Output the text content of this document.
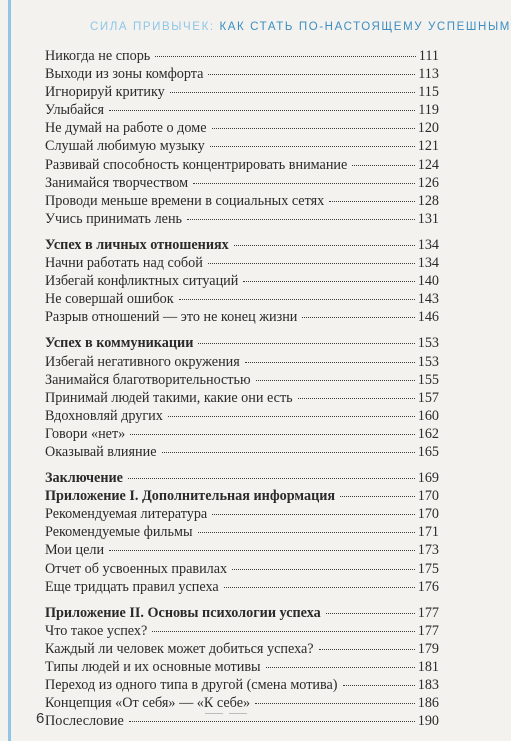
СИЛА ПРИВЫЧЕК: КАК СТАТЬ ПО-НАСТОЯЩЕМУ УСПЕШНЫМ
Никогда не спорь	111
Выходи из зоны комфорта	113
Игнорируй критику	115
Улыбайся	119
Не думай на работе о доме	120
Слушай любимую музыку	121
Развивай способность концентрировать внимание	124
Занимайся творчеством	126
Проводи меньше времени в социальных сетях	128
Учись принимать лень	131
Успех в личных отношениях	134
Начни работать над собой	134
Избегай конфликтных ситуаций	140
Не совершай ошибок	143
Разрыв отношений — это не конец жизни	146
Успех в коммуникации	153
Избегай негативного окружения	153
Занимайся благотворительностью	155
Принимай людей такими, какие они есть	157
Вдохновляй других	160
Говори «нет»	162
Оказывай влияние	165
Заключение	169
Приложение I. Дополнительная информация	170
Рекомендуемая литература	170
Рекомендуемые фильмы	171
Мои цели	173
Отчет об усвоенных правилах	175
Еще тридцать правил успеха	176
Приложение II. Основы психологии успеха	177
Что такое успех?	177
Каждый ли человек может добиться успеха?	179
Типы людей и их основные мотивы	181
Переход из одного типа в другой (смена мотива)	183
Концепция «От себя» — «К себе»	186
Послесловие	190
6
